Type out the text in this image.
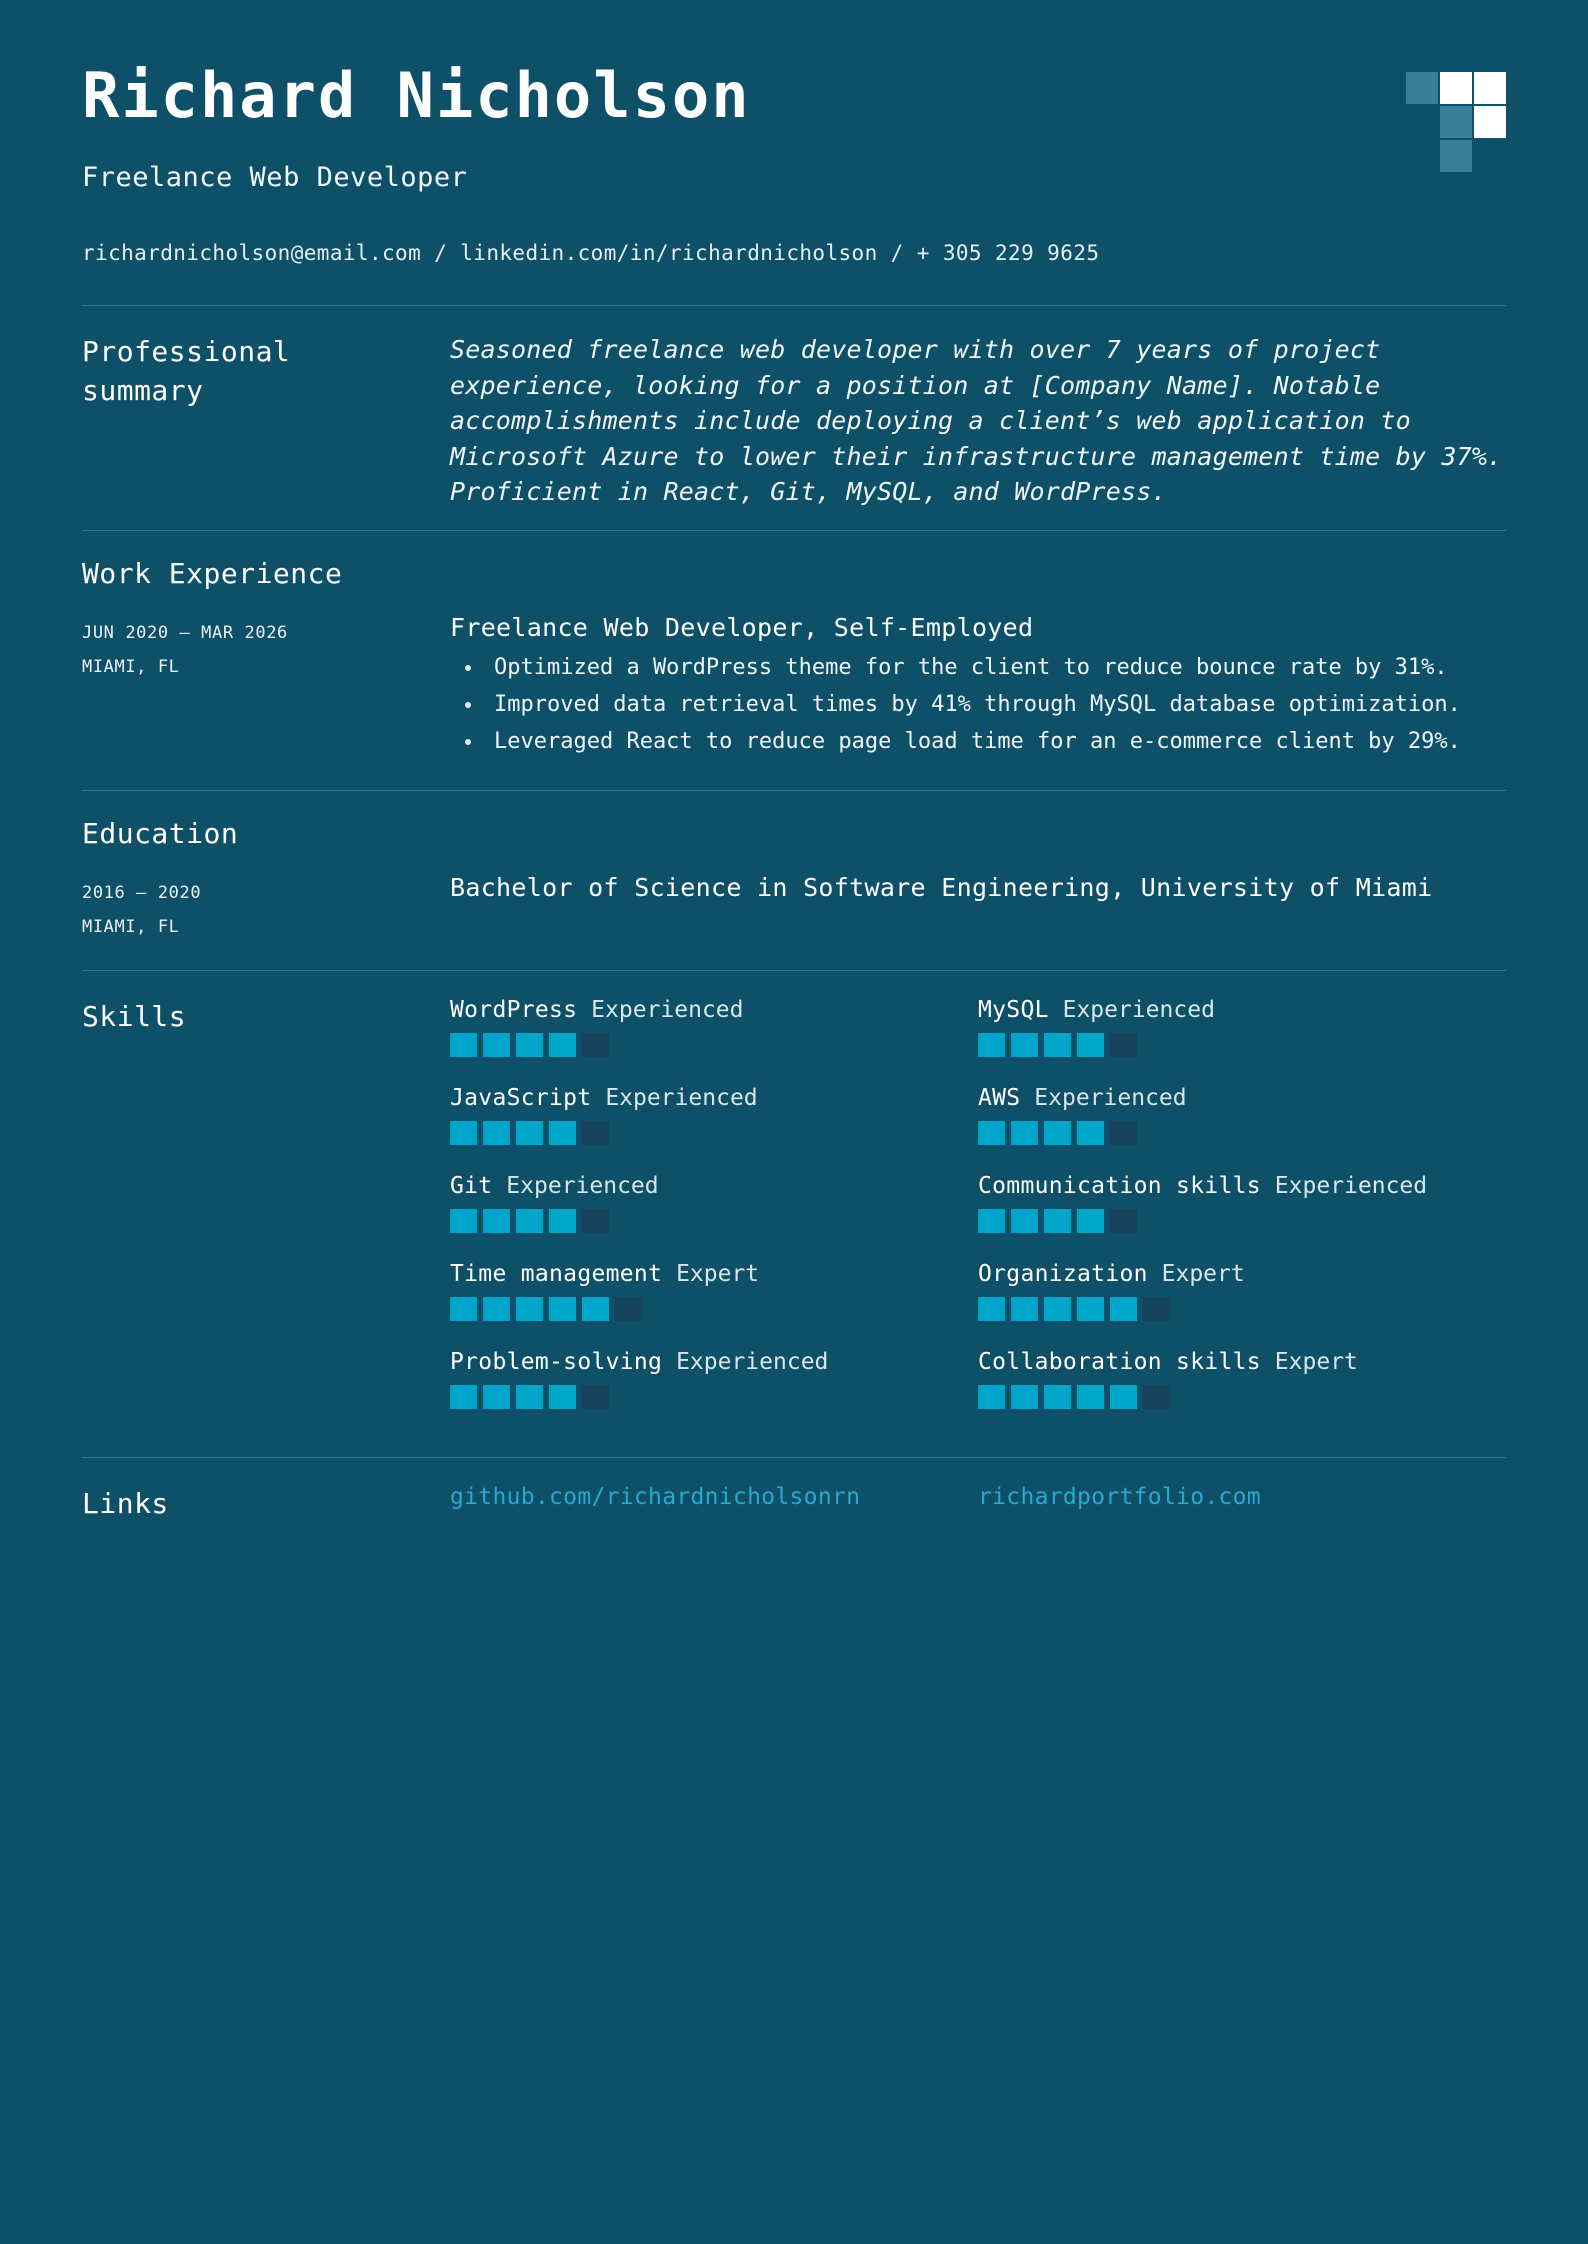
Richard Nicholson
Freelance Web Developer
richardnicholson@email.com / linkedin.com/in/richardnicholson / + 305 229 9625
Professional
summary
Seasoned freelance web developer with over 7 years of project experience, looking for a position at [Company Name]. Notable accomplishments include deploying a client’s web application to Microsoft Azure to lower their infrastructure management time by 37%. Proficient in React, Git, MySQL, and WordPress.
Work Experience
JUN 2020 — MAR 2026
MIAMI, FL
Freelance Web Developer, Self-Employed
• Optimized a WordPress theme for the client to reduce bounce rate by 31%.
• Improved data retrieval times by 41% through MySQL database optimization.
• Leveraged React to reduce page load time for an e-commerce client by 29%.
Education
2016 — 2020
MIAMI, FL
Bachelor of Science in Software Engineering, University of Miami
Skills	WordPress Experienced	MySQL Experienced
JavaScript Experienced	AWS Experienced
Git Experienced	Communication skills Experienced
Time management Expert	Organization Expert
Problem-solving Experienced	Collaboration skills Expert
Links	github.com/richardnicholsonrn	richardportfolio.com
